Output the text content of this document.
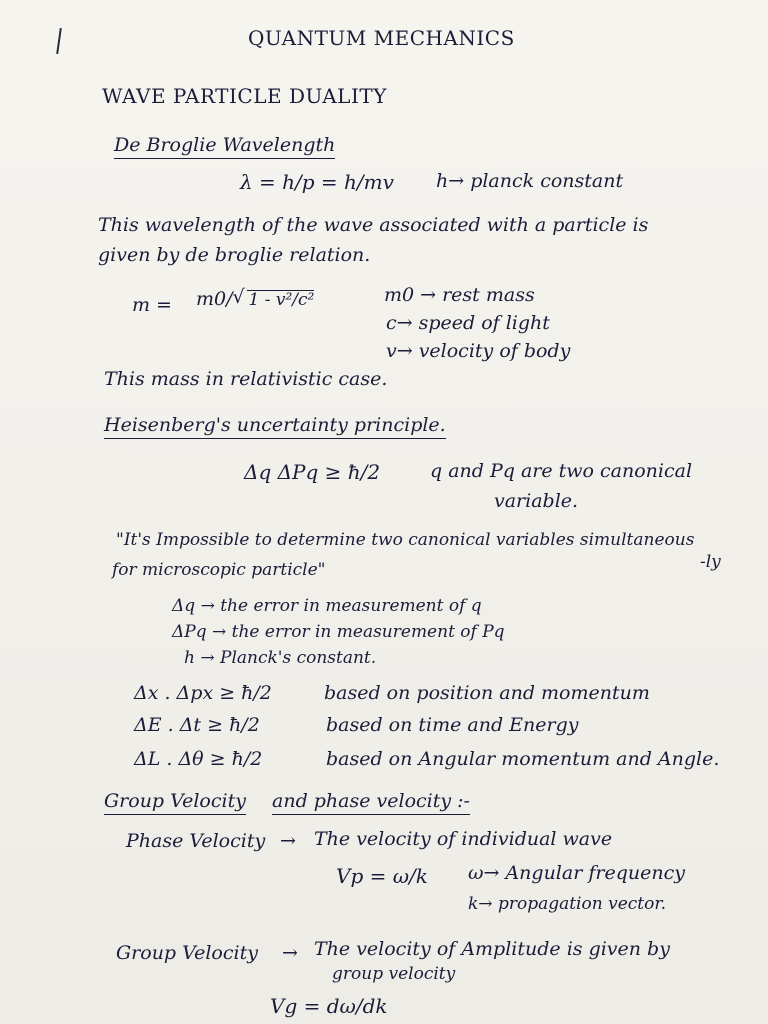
QUANTUM MECHANICS
WAVE PARTICLE DUALITY
De Broglie Wavelength
λ = h/p = h/mv h→ planck constant
This wavelength of the wave associated with a particle is
given by de broglie relation.
m = m0/ √ 1 - v²/c²	m0 → rest mass
c→ speed of light
v→ velocity of body
This mass in relativistic case.
Heisenberg's uncertainty principle.
Δq ΔPq ≥ ħ/2	q and Pq are two canonical
variable.
"It's Impossible to determine two canonical variables simultaneous
for microscopic particle"	-ly
Δq → the error in measurement of q
ΔPq → the error in measurement of Pq
h → Planck's constant.
Δx . Δpx ≥ ħ/2	based on position and momentum
ΔE . Δt ≥ ħ/2	based on time and Energy
ΔL . Δθ ≥ ħ/2	based on Angular momentum and Angle.
Group Velocity and phase velocity :-
Phase Velocity → The velocity of individual wave
Vp = ω/k ω→ Angular frequency
k→ propagation vector.
Group Velocity → The velocity of Amplitude is given by
group velocity
Vg = dω/dk
